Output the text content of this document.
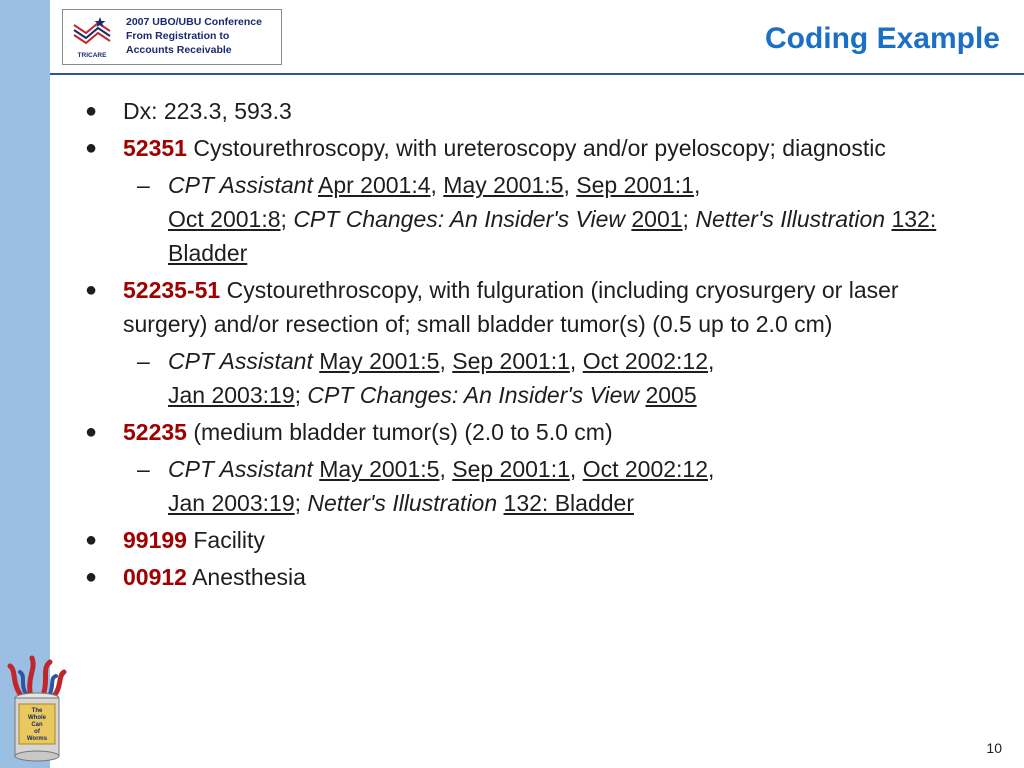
TRICARE
2007 UBO/UBU Conference
From Registration to
Accounts Receivable	Coding Example
● Dx: 223.3, 593.3
● 52351 Cystourethroscopy, with ureteroscopy and/or pyeloscopy; diagnostic
– CPT Assistant Apr 2001:4, May 2001:5, Sep 2001:1,
Oct 2001:8; CPT Changes: An Insider's View 2001; Netter's Illustration 132: Bladder
● 52235-51 Cystourethroscopy, with fulguration (including cryosurgery or laser surgery) and/or resection of; small bladder tumor(s) (0.5 up to 2.0 cm)
– CPT Assistant May 2001:5, Sep 2001:1, Oct 2002:12,
Jan 2003:19; CPT Changes: An Insider's View 2005
● 52235 (medium bladder tumor(s) (2.0 to 5.0 cm)
– CPT Assistant May 2001:5, Sep 2001:1, Oct 2002:12,
Jan 2003:19; Netter's Illustration 132: Bladder
● 99199 Facility
● 00912 Anesthesia
The
Whole
Can
of
Worms
10
